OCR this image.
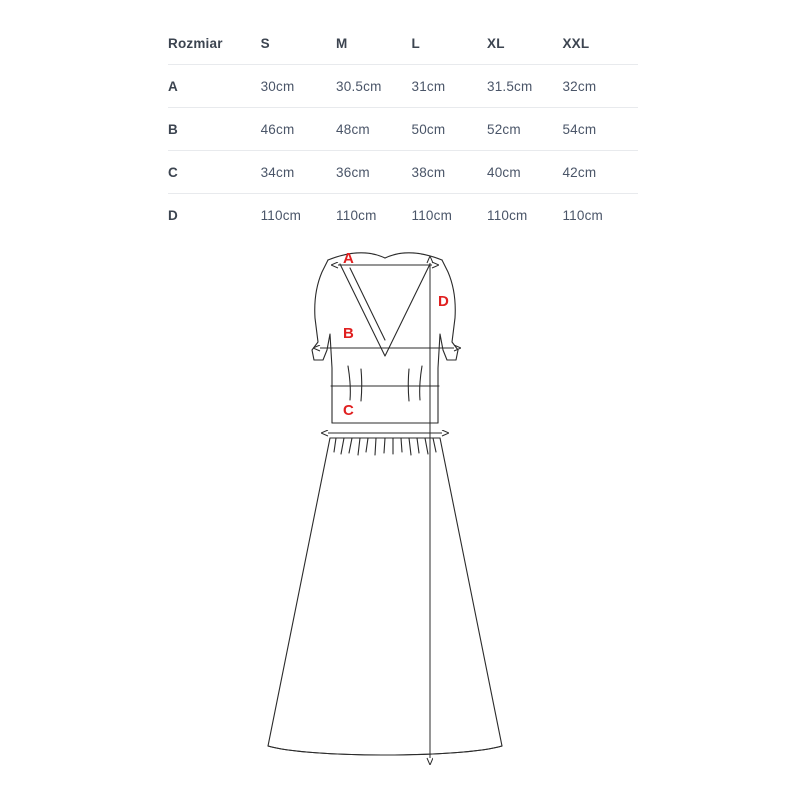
Rozmiar	S	M	L	XL	XXL
A	30cm	30.5cm	31cm	31.5cm	32cm
B	46cm	48cm	50cm	52cm	54cm
C	34cm	36cm	38cm	40cm	42cm
D	110cm	110cm	110cm	110cm	110cm
A
B
C
D
